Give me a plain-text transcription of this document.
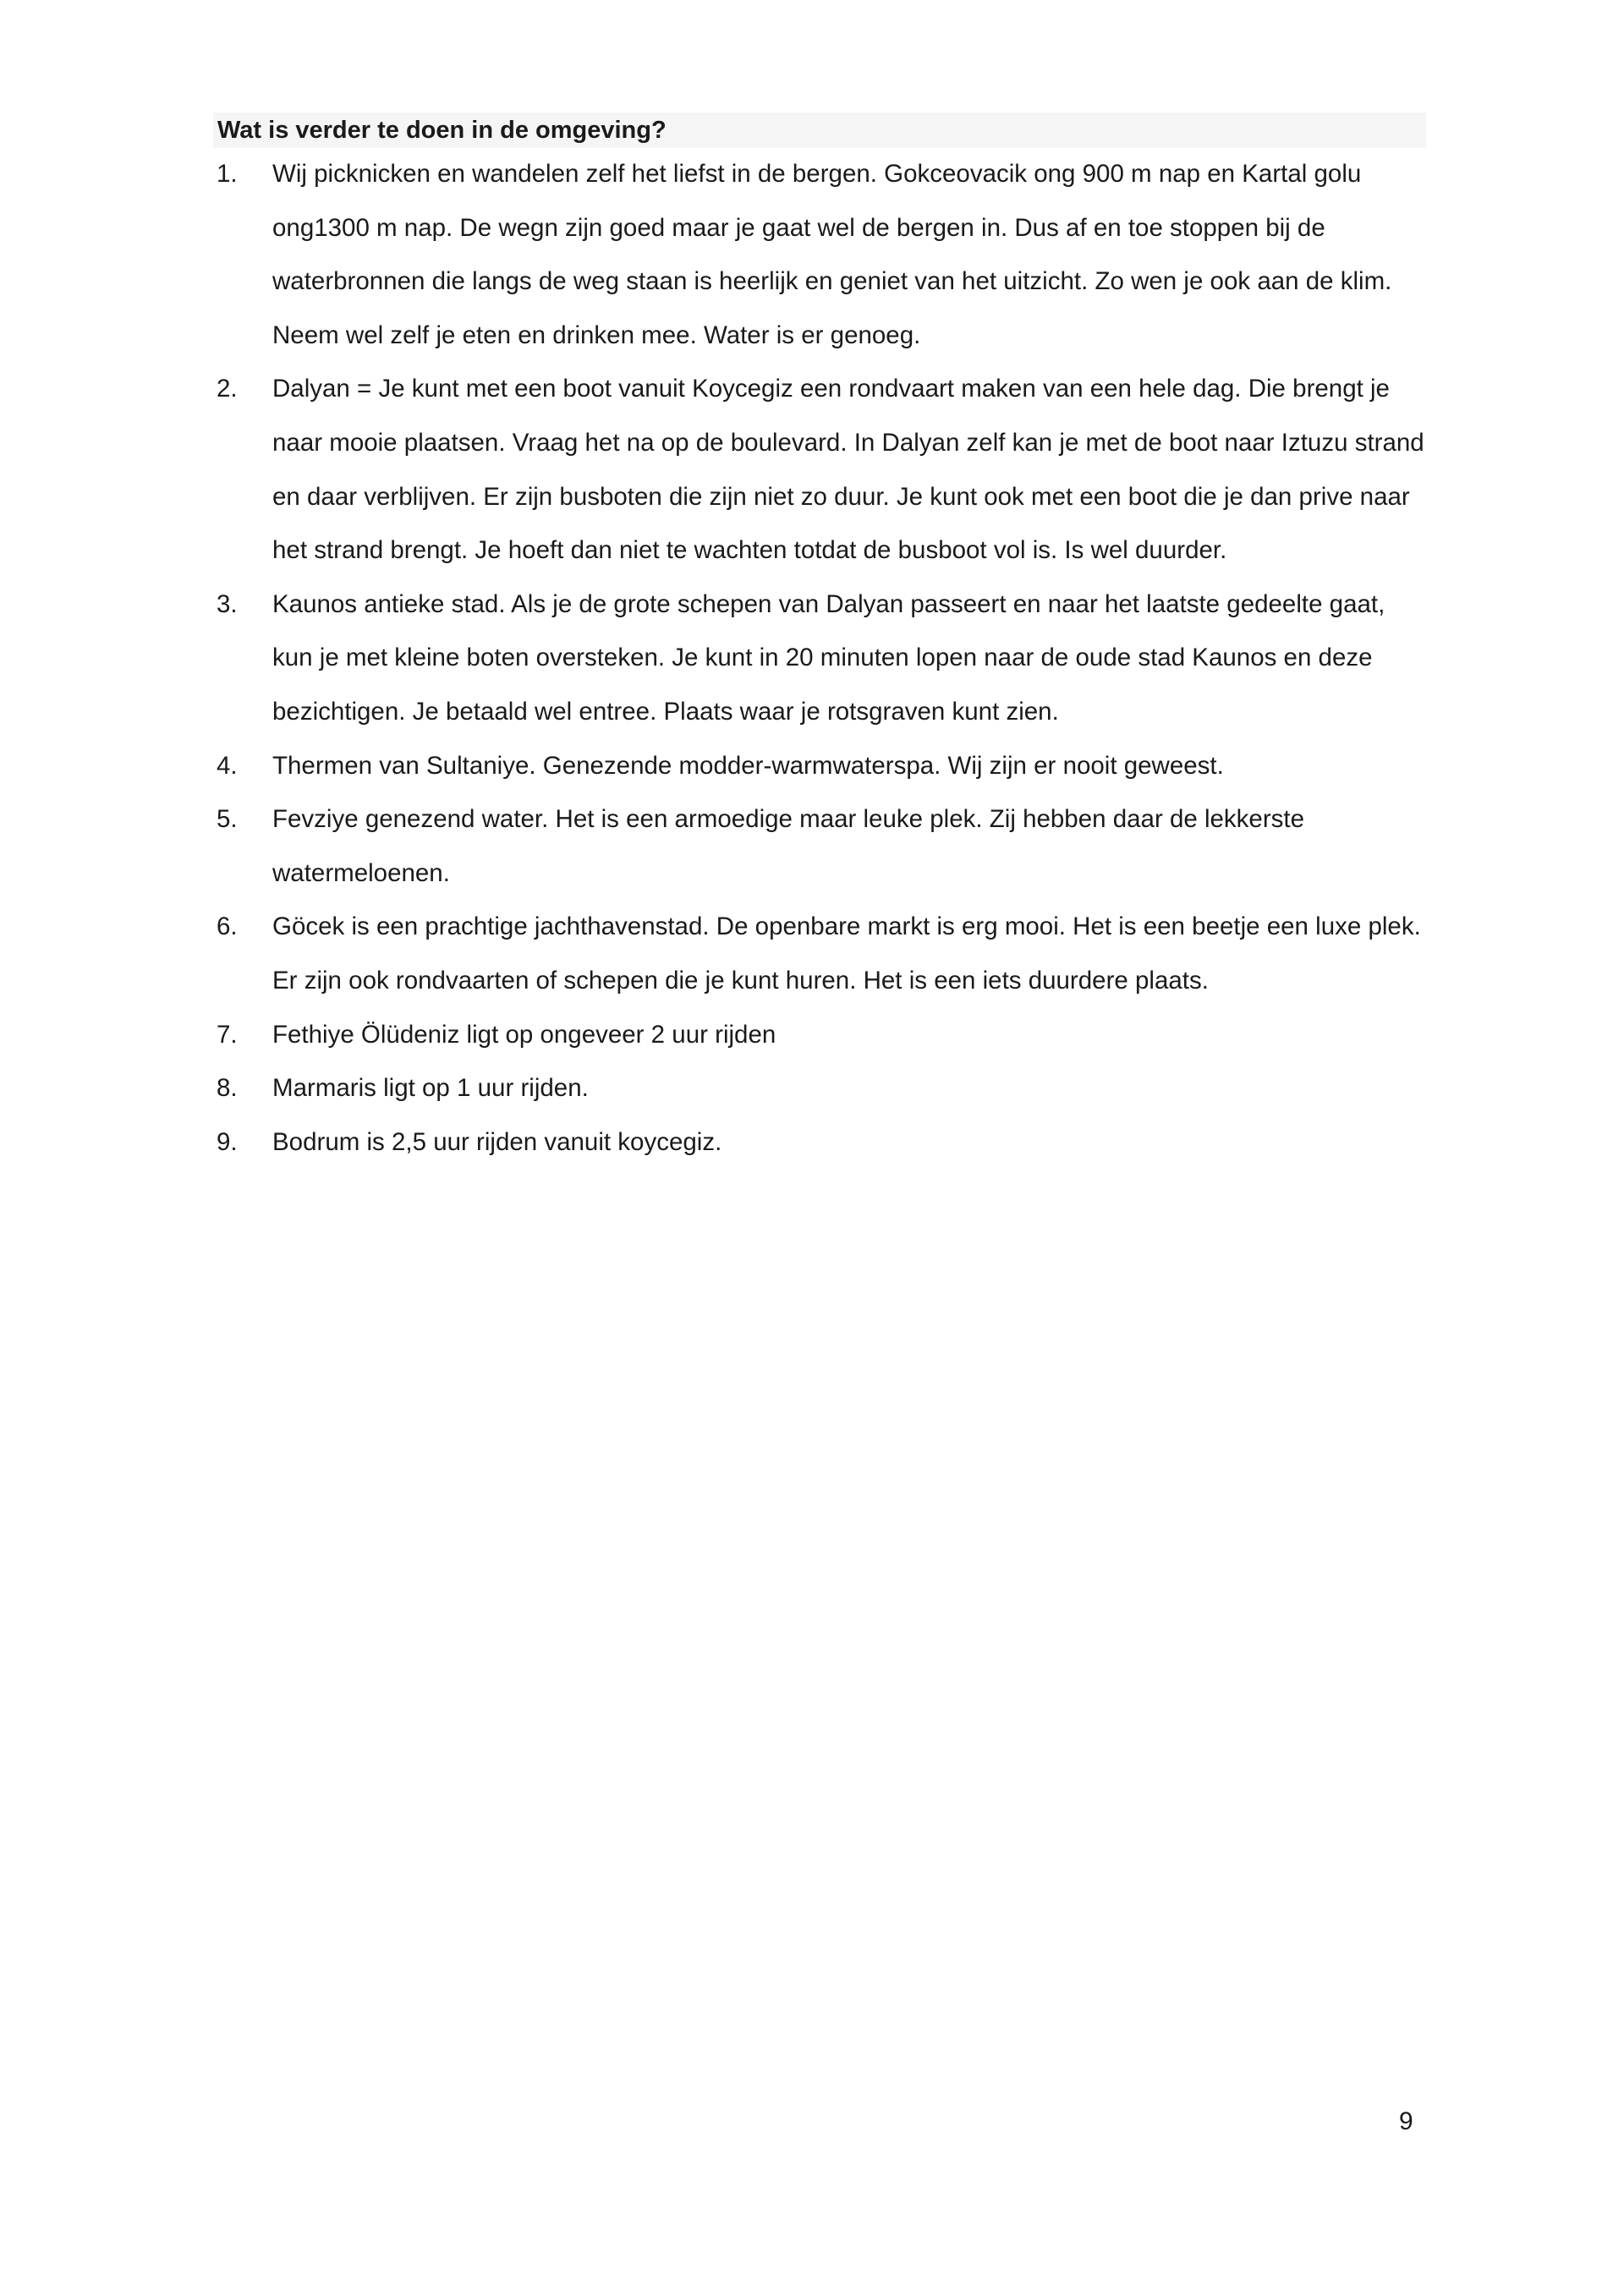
Wat is verder te doen in de omgeving?
1.	Wij picknicken en wandelen zelf het liefst in de bergen. Gokceovacik ong 900 m nap en Kartal golu ong1300 m nap. De wegn zijn goed maar je gaat wel de bergen in. Dus af en toe stoppen bij de waterbronnen die langs de weg staan is heerlijk en geniet van het uitzicht. Zo wen je ook aan de klim. Neem wel zelf je eten en drinken mee. Water is er genoeg.
2.	Dalyan = Je kunt met een boot vanuit Koycegiz een rondvaart maken van een hele dag. Die brengt je naar mooie plaatsen. Vraag het na op de boulevard. In Dalyan zelf kan je met de boot naar Iztuzu strand en daar verblijven. Er zijn busboten die zijn niet zo duur. Je kunt ook met een boot die je dan prive naar het strand brengt. Je hoeft dan niet te wachten totdat de busboot vol is. Is wel duurder.
3.	Kaunos antieke stad. Als je de grote schepen van Dalyan passeert en naar het laatste gedeelte gaat, kun je met kleine boten oversteken. Je kunt in 20 minuten lopen naar de oude stad Kaunos en deze bezichtigen. Je betaald wel entree. Plaats waar je rotsgraven kunt zien.
4.	Thermen van Sultaniye. Genezende modder-warmwaterspa. Wij zijn er nooit geweest.
5.	Fevziye genezend water. Het is een armoedige maar leuke plek. Zij hebben daar de lekkerste watermeloenen.
6.	Göcek is een prachtige jachthavenstad. De openbare markt is erg mooi. Het is een beetje een luxe plek. Er zijn ook rondvaarten of schepen die je kunt huren. Het is een iets duurdere plaats.
7.	Fethiye Ölüdeniz ligt op ongeveer 2 uur rijden
8.	Marmaris ligt op 1 uur rijden.
9.	Bodrum is 2,5 uur rijden vanuit koycegiz.
9
